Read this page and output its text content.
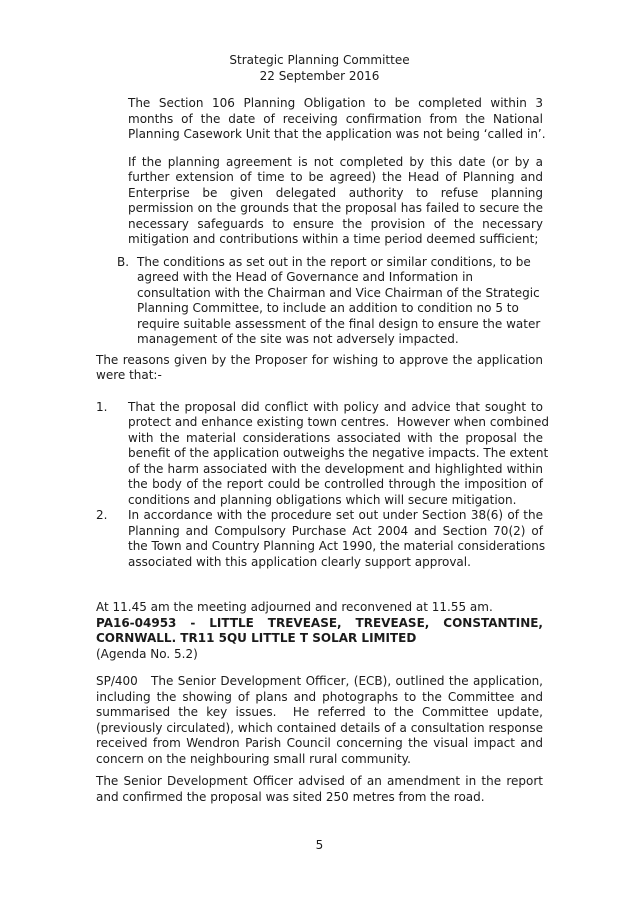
Strategic Planning Committee
22 September 2016
The Section 106 Planning Obligation to be completed within 3
months of the date of receiving confirmation from the National
Planning Casework Unit that the application was not being ‘called in’.
If the planning agreement is not completed by this date (or by a
further extension of time to be agreed) the Head of Planning and
Enterprise be given delegated authority to refuse planning
permission on the grounds that the proposal has failed to secure the
necessary safeguards to ensure the provision of the necessary
mitigation and contributions within a time period deemed sufficient;
B. The conditions as set out in the report or similar conditions, to be
agreed with the Head of Governance and Information in
consultation with the Chairman and Vice Chairman of the Strategic
Planning Committee, to include an addition to condition no 5 to
require suitable assessment of the final design to ensure the water
management of the site was not adversely impacted.
The reasons given by the Proposer for wishing to approve the application
were that:-
1. That the proposal did conflict with policy and advice that sought to
protect and enhance existing town centres.  However when combined
with the material considerations associated with the proposal the
benefit of the application outweighs the negative impacts. The extent
of the harm associated with the development and highlighted within
the body of the report could be controlled through the imposition of
conditions and planning obligations which will secure mitigation.
2. In accordance with the procedure set out under Section 38(6) of the
Planning and Compulsory Purchase Act 2004 and Section 70(2) of
the Town and Country Planning Act 1990, the material considerations
associated with this application clearly support approval.
At 11.45 am the meeting adjourned and reconvened at 11.55 am.
PA16-04953 - LITTLE TREVEASE, TREVEASE, CONSTANTINE,
CORNWALL. TR11 5QU LITTLE T SOLAR LIMITED
(Agenda No. 5.2)
SP/400   The Senior Development Officer, (ECB), outlined the application,
including the showing of plans and photographs to the Committee and
summarised the key issues.  He referred to the Committee update,
(previously circulated), which contained details of a consultation response
received from Wendron Parish Council concerning the visual impact and
concern on the neighbouring small rural community.
The Senior Development Officer advised of an amendment in the report
and confirmed the proposal was sited 250 metres from the road.
5
